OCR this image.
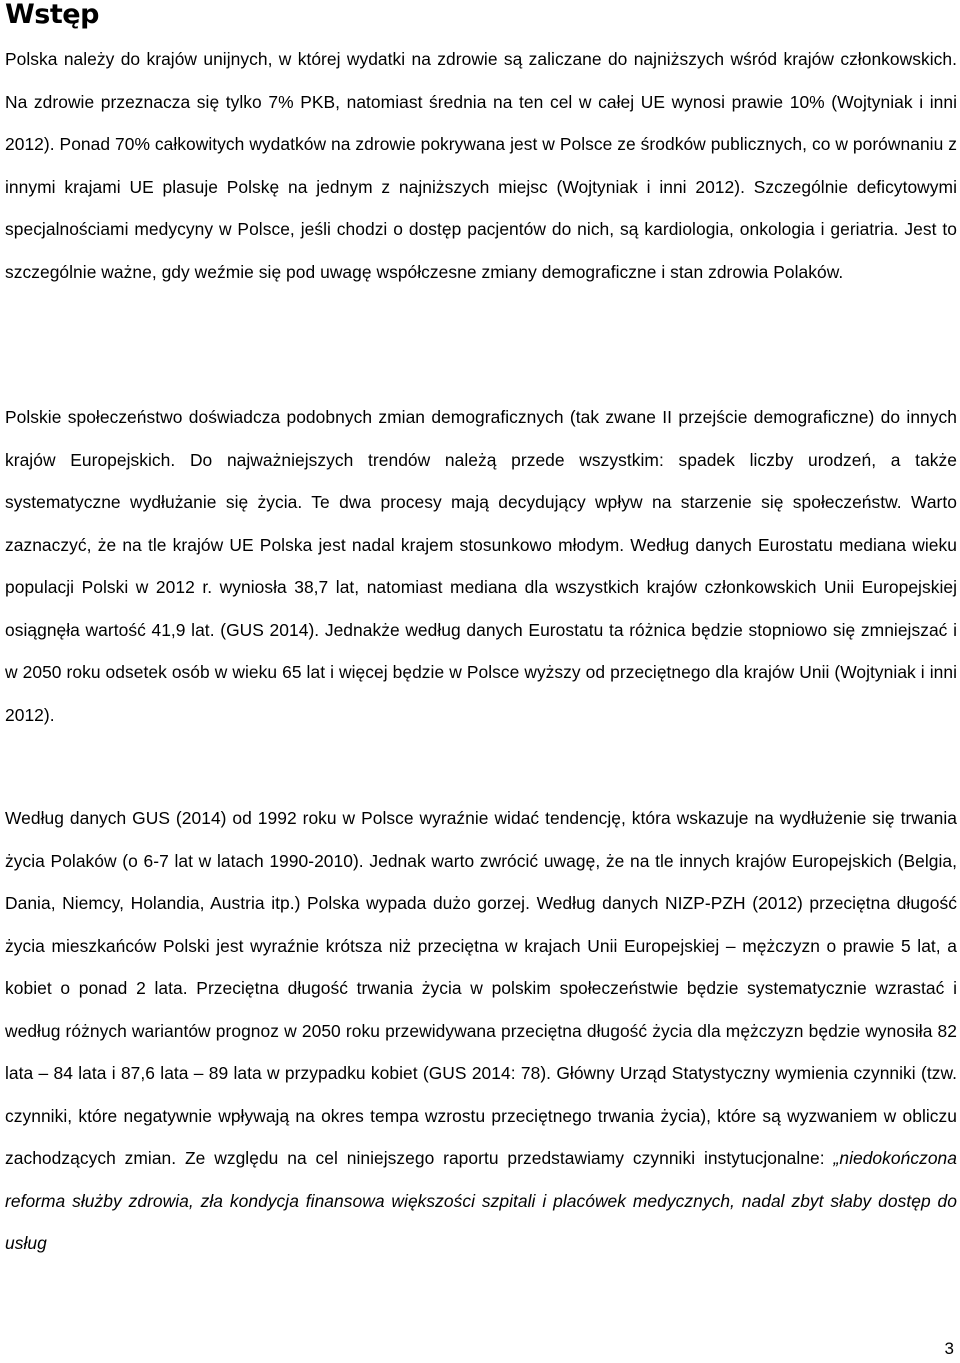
Wstęp

Polska należy do krajów unijnych, w której wydatki na zdrowie są zaliczane do najniższych wśród krajów członkowskich. Na zdrowie przeznacza się tylko 7% PKB, natomiast średnia na ten cel w całej UE wynosi prawie 10% (Wojtyniak i inni 2012). Ponad 70% całkowitych wydatków na zdrowie pokrywana jest w Polsce ze środków publicznych, co w porównaniu z innymi krajami UE plasuje Polskę na jednym z najniższych miejsc (Wojtyniak i inni 2012). Szczególnie deficytowymi specjalnościami medycyny w Polsce, jeśli chodzi o dostęp pacjentów do nich, są kardiologia, onkologia i geriatria. Jest to szczególnie ważne, gdy weźmie się pod uwagę współczesne zmiany demograficzne i stan zdrowia Polaków.

Polskie społeczeństwo doświadcza podobnych zmian demograficznych (tak zwane II przejście demograficzne) do innych krajów Europejskich. Do najważniejszych trendów należą przede wszystkim: spadek liczby urodzeń, a także systematyczne wydłużanie się życia. Te dwa procesy mają decydujący wpływ na starzenie się społeczeństw. Warto zaznaczyć, że na tle krajów UE Polska jest nadal krajem stosunkowo młodym. Według danych Eurostatu mediana wieku populacji Polski w 2012 r. wyniosła 38,7 lat, natomiast mediana dla wszystkich krajów członkowskich Unii Europejskiej osiągnęła wartość 41,9 lat. (GUS 2014). Jednakże według danych Eurostatu ta różnica będzie stopniowo się zmniejszać i w 2050 roku odsetek osób w wieku 65 lat i więcej będzie w Polsce wyższy od przeciętnego dla krajów Unii (Wojtyniak i inni 2012).

Według danych GUS (2014) od 1992 roku w Polsce wyraźnie widać tendencję, która wskazuje na wydłużenie się trwania życia Polaków (o 6-7 lat w latach 1990-2010). Jednak warto zwrócić uwagę, że na tle innych krajów Europejskich (Belgia, Dania, Niemcy, Holandia, Austria itp.) Polska wypada dużo gorzej. Według danych NIZP-PZH (2012) przeciętna długość życia mieszkańców Polski jest wyraźnie krótsza niż przeciętna w krajach Unii Europejskiej – mężczyzn o prawie 5 lat, a kobiet o ponad 2 lata. Przeciętna długość trwania życia w polskim społeczeństwie będzie systematycznie wzrastać i według różnych wariantów prognoz w 2050 roku przewidywana przeciętna długość życia dla mężczyzn będzie wynosiła 82 lata – 84 lata i 87,6 lata – 89 lata w przypadku kobiet (GUS 2014: 78). Główny Urząd Statystyczny wymienia czynniki (tzw. czynniki, które negatywnie wpływają na okres tempa wzrostu przeciętnego trwania życia), które są wyzwaniem w obliczu zachodzących zmian. Ze względu na cel niniejszego raportu przedstawiamy czynniki instytucjonalne: „niedokończona reforma służby zdrowia, zła kondycja finansowa większości szpitali i placówek medycznych, nadal zbyt słaby dostęp do usług

3
